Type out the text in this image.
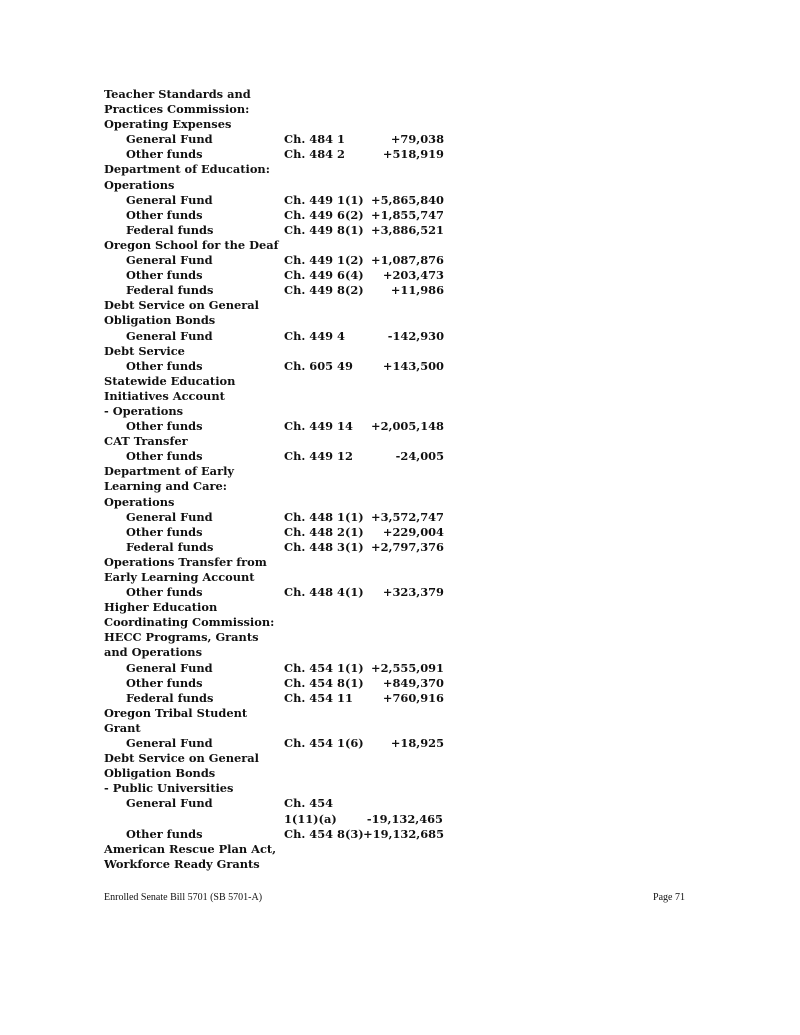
Teacher Standards and
Practices Commission:
Operating Expenses
General Fund	Ch. 484 1	+79,038
Other funds	Ch. 484 2	+518,919
Department of Education:
Operations
General Fund	Ch. 449 1(1) +5,865,840
Other funds	Ch. 449 6(2) +1,855,747
Federal funds	Ch. 449 8(1) +3,886,521
Oregon School for the Deaf
General Fund	Ch. 449 1(2) +1,087,876
Other funds	Ch. 449 6(4) +203,473
Federal funds	Ch. 449 8(2) +11,986
Debt Service on General
Obligation Bonds
General Fund	Ch. 449 4	-142,930
Debt Service
Other funds	Ch. 605 49	+143,500
Statewide Education
Initiatives Account
- Operations
Other funds	Ch. 449 14 +2,005,148
CAT Transfer
Other funds	Ch. 449 12	-24,005
Department of Early
Learning and Care:
Operations
General Fund	Ch. 448 1(1) +3,572,747
Other funds	Ch. 448 2(1) +229,004
Federal funds	Ch. 448 3(1) +2,797,376
Operations Transfer from
Early Learning Account
Other funds	Ch. 448 4(1) +323,379
Higher Education
Coordinating Commission:
HECC Programs, Grants
and Operations
General Fund	Ch. 454 1(1) +2,555,091
Other funds	Ch. 454 8(1) +849,370
Federal funds	Ch. 454 11	+760,916
Oregon Tribal Student
Grant
General Fund	Ch. 454 1(6) +18,925
Debt Service on General
Obligation Bonds
- Public Universities
General Fund	Ch. 454
1(11)(a)	-19,132,465
Other funds	Ch. 454 8(3) +19,132,685
American Rescue Plan Act,
Workforce Ready Grants
Enrolled Senate Bill 5701 (SB 5701-A)	Page 71
